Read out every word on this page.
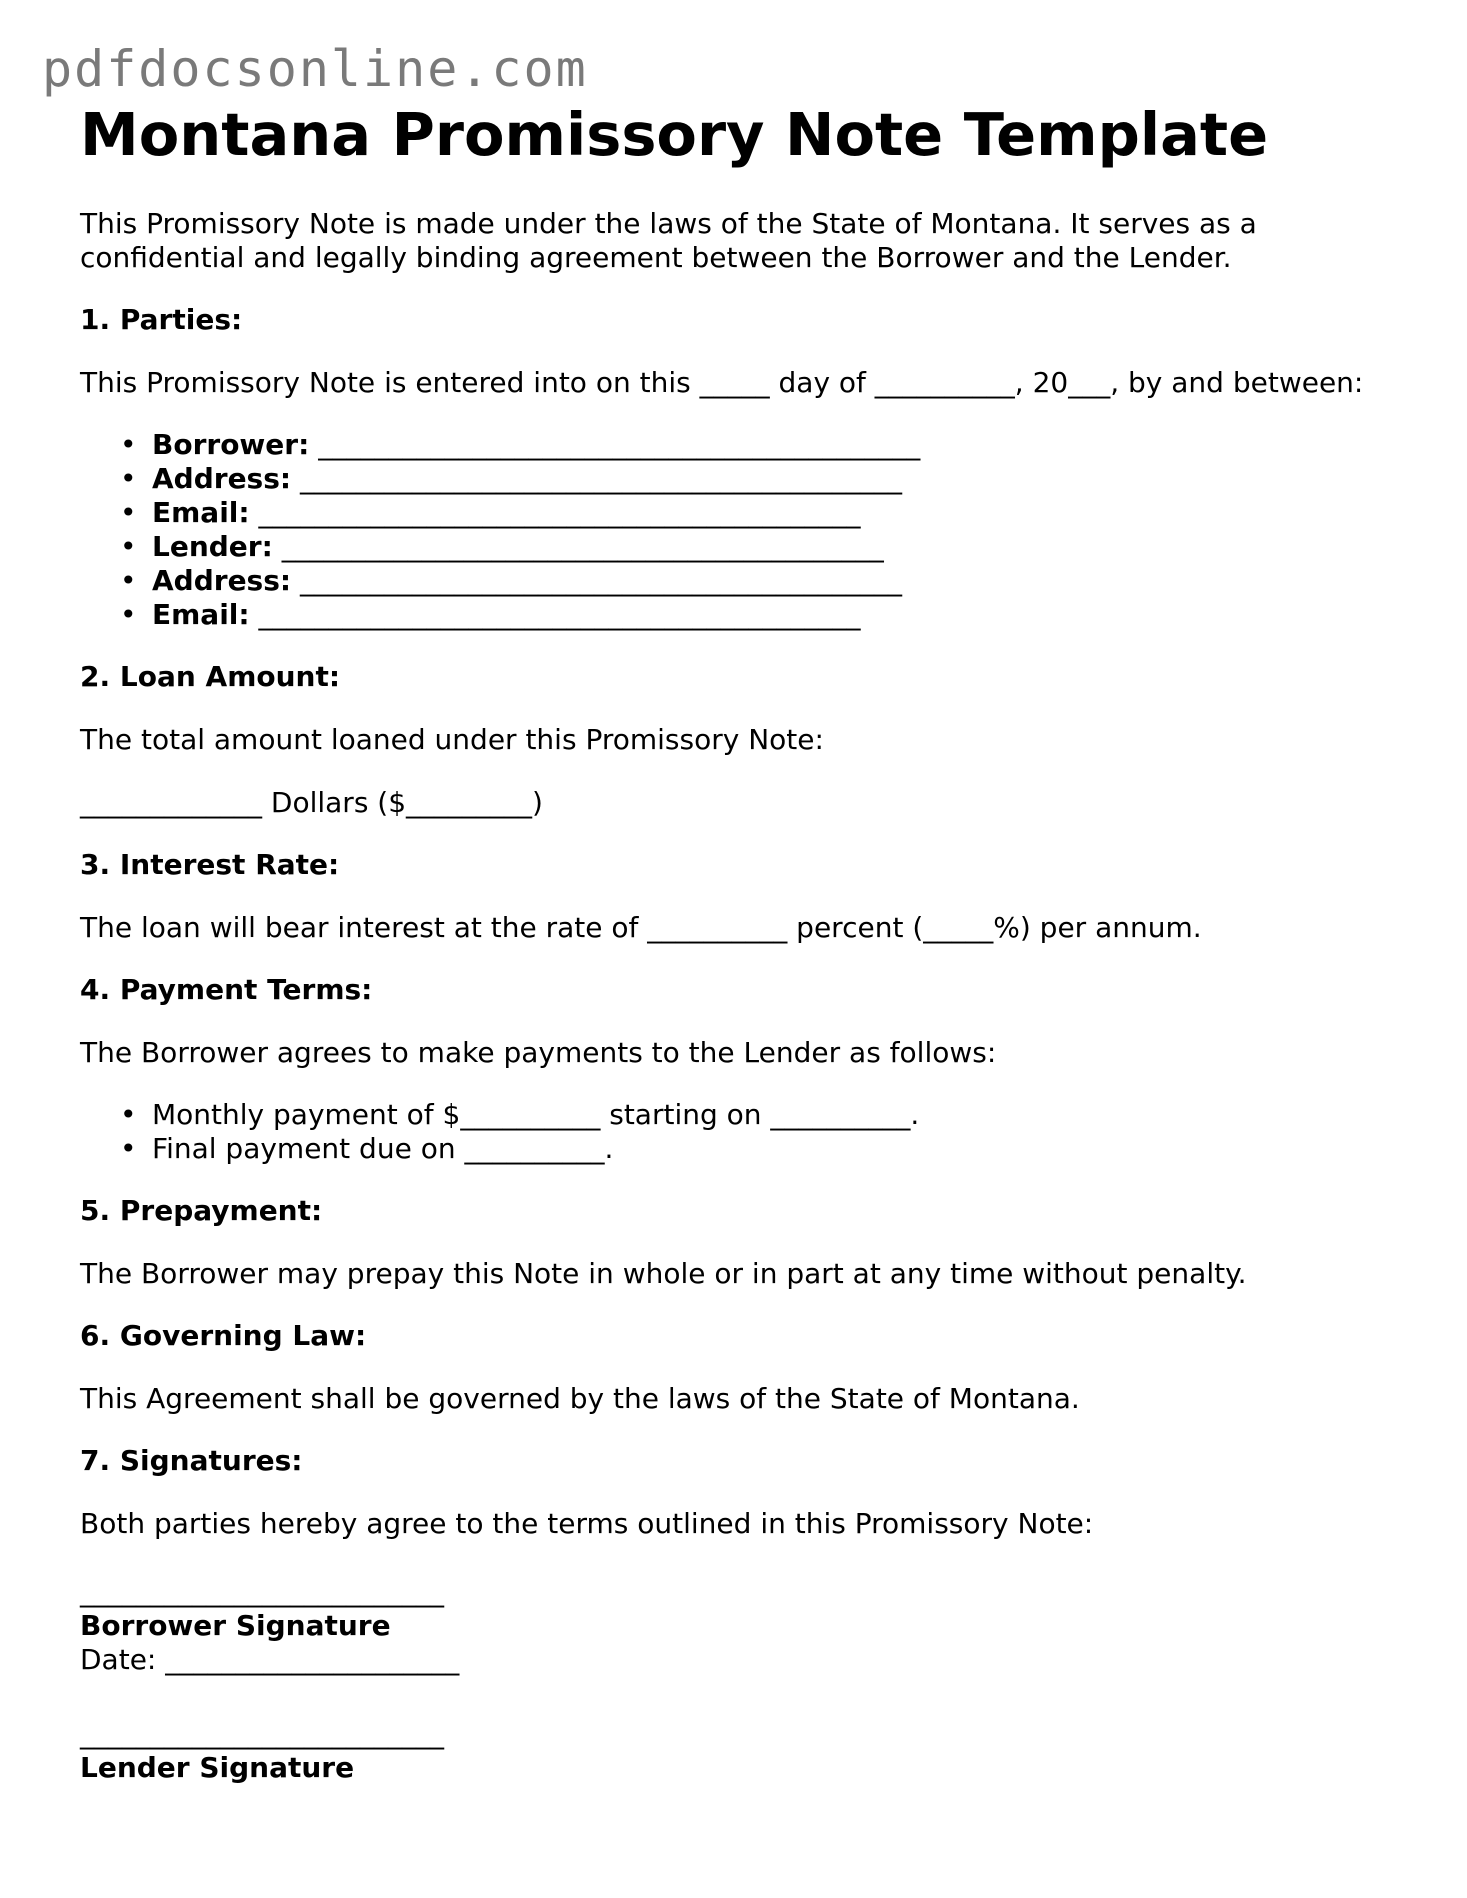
pdfdocsonline.com
Montana Promissory Note Template

This Promissory Note is made under the laws of the State of Montana. It serves as a confidential and legally binding agreement between the Borrower and the Lender.

1. Parties:

This Promissory Note is entered into on this _____ day of __________, 20___, by and between:

• Borrower: ___________________________________________
• Address: ___________________________________________
• Email: ___________________________________________
• Lender: ___________________________________________
• Address: ___________________________________________
• Email: ___________________________________________
2. Loan Amount:

The total amount loaned under this Promissory Note:

_____________ Dollars ($_________)

3. Interest Rate:

The loan will bear interest at the rate of __________ percent (_____%) per annum.

4. Payment Terms:

The Borrower agrees to make payments to the Lender as follows:

• Monthly payment of $__________ starting on __________.
• Final payment due on __________.
5. Prepayment:

The Borrower may prepay this Note in whole or in part at any time without penalty.

6. Governing Law:

This Agreement shall be governed by the laws of the State of Montana.

7. Signatures:

Both parties hereby agree to the terms outlined in this Promissory Note:

__________________________

Borrower Signature

Date: _____________________

__________________________

Lender Signature
